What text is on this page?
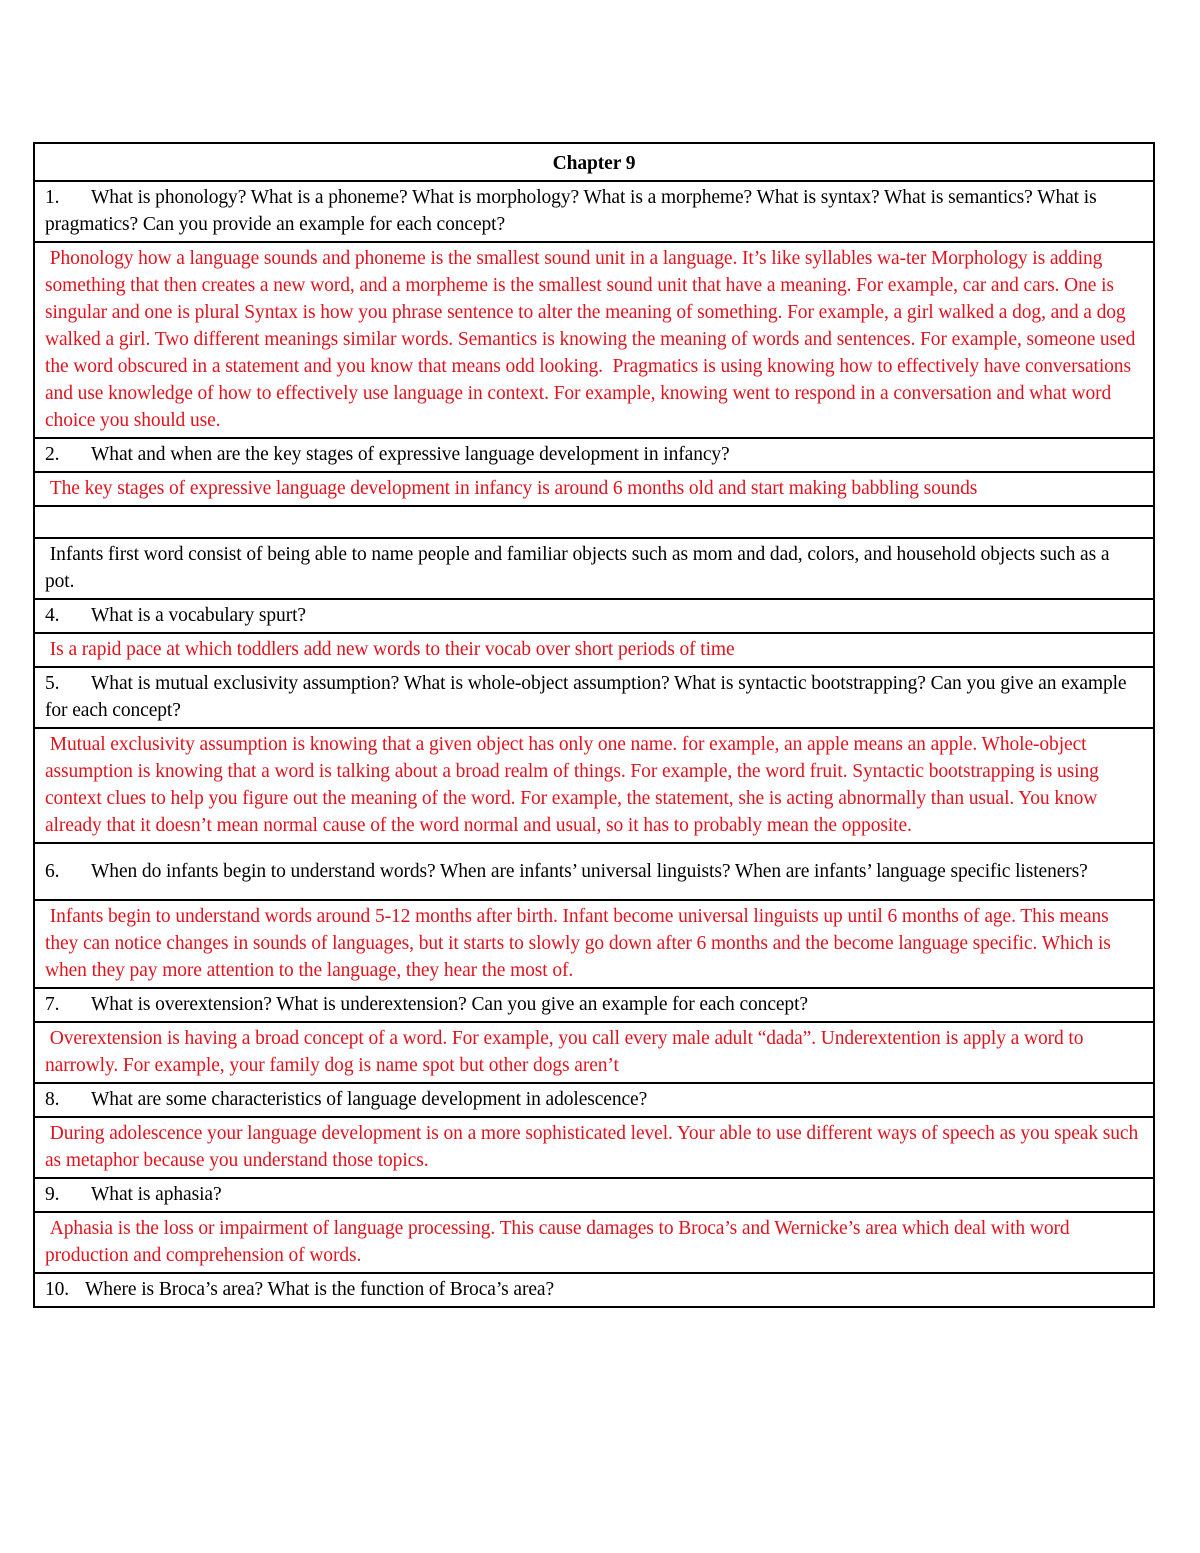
Chapter 9
1. What is phonology? What is a phoneme? What is morphology? What is a morpheme? What is syntax? What is semantics? What is pragmatics? Can you provide an example for each concept?
Phonology how a language sounds and phoneme is the smallest sound unit in a language. It’s like syllables wa-ter Morphology is adding something that then creates a new word, and a morpheme is the smallest sound unit that have a meaning. For example, car and cars. One is singular and one is plural Syntax is how you phrase sentence to alter the meaning of something. For example, a girl walked a dog, and a dog walked a girl. Two different meanings similar words. Semantics is knowing the meaning of words and sentences. For example, someone used the word obscured in a statement and you know that means odd looking.  Pragmatics is using knowing how to effectively have conversations and use knowledge of how to effectively use language in context. For example, knowing went to respond in a conversation and what word choice you should use.
2. What and when are the key stages of expressive language development in infancy?
The key stages of expressive language development in infancy is around 6 months old and start making babbling sounds

Infants first word consist of being able to name people and familiar objects such as mom and dad, colors, and household objects such as a pot.
4. What is a vocabulary spurt?
Is a rapid pace at which toddlers add new words to their vocab over short periods of time
5. What is mutual exclusivity assumption? What is whole-object assumption? What is syntactic bootstrapping? Can you give an example for each concept?
Mutual exclusivity assumption is knowing that a given object has only one name. for example, an apple means an apple. Whole-object assumption is knowing that a word is talking about a broad realm of things. For example, the word fruit. Syntactic bootstrapping is using context clues to help you figure out the meaning of the word. For example, the statement, she is acting abnormally than usual. You know already that it doesn’t mean normal cause of the word normal and usual, so it has to probably mean the opposite.
6. When do infants begin to understand words? When are infants’ universal linguists? When are infants’ language specific listeners?
Infants begin to understand words around 5-12 months after birth. Infant become universal linguists up until 6 months of age. This means they can notice changes in sounds of languages, but it starts to slowly go down after 6 months and the become language specific. Which is when they pay more attention to the language, they hear the most of.
7. What is overextension? What is underextension? Can you give an example for each concept?
Overextension is having a broad concept of a word. For example, you call every male adult “dada”. Underextention is apply a word to narrowly. For example, your family dog is name spot but other dogs aren’t
8. What are some characteristics of language development in adolescence?
During adolescence your language development is on a more sophisticated level. Your able to use different ways of speech as you speak such as metaphor because you understand those topics.
9. What is aphasia?
Aphasia is the loss or impairment of language processing. This cause damages to Broca’s and Wernicke’s area which deal with word production and comprehension of words.
10. Where is Broca’s area? What is the function of Broca’s area?
